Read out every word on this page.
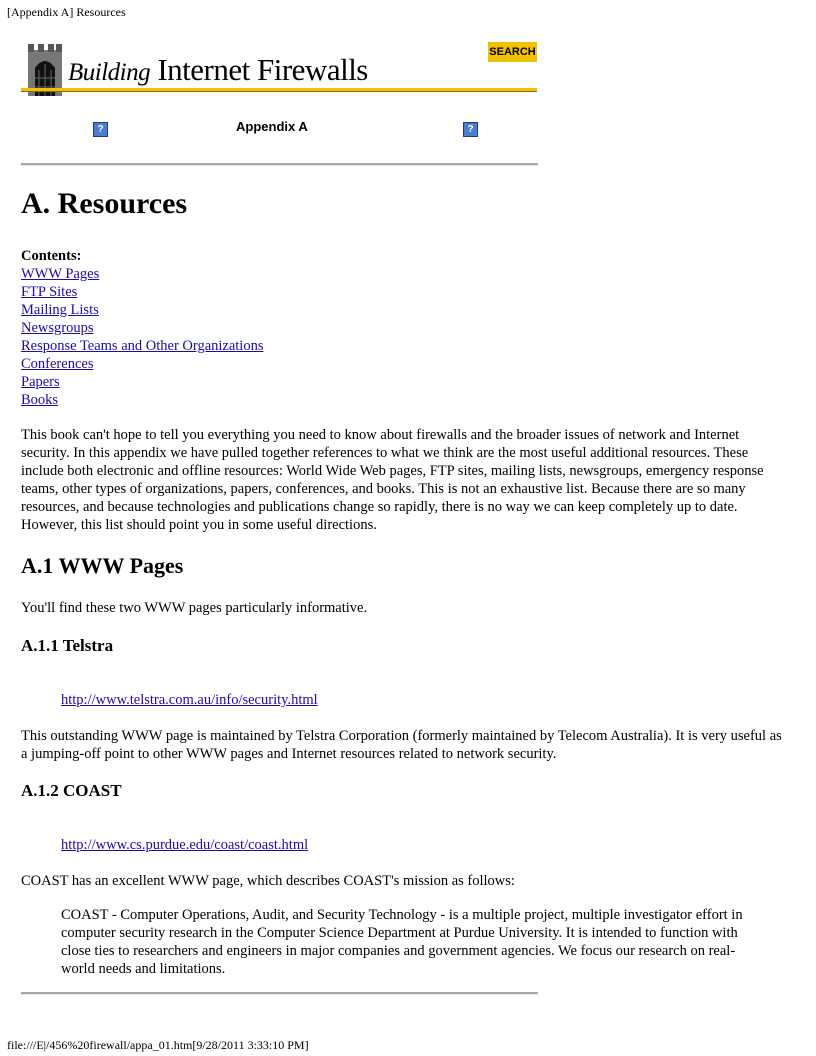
[Appendix A] Resources
Building Internet Firewalls	SEARCH
?	Appendix A	?
A. Resources
Contents:
WWW Pages
FTP Sites
Mailing Lists
Newsgroups
Response Teams and Other Organizations
Conferences
Papers
Books

This book can't hope to tell you everything you need to know about firewalls and the broader issues of network and Internet security. In this appendix we have pulled together references to what we think are the most useful additional resources. These include both electronic and offline resources: World Wide Web pages, FTP sites, mailing lists, newsgroups, emergency response teams, other types of organizations, papers, conferences, and books. This is not an exhaustive list. Because there are so many resources, and because technologies and publications change so rapidly, there is no way we can keep completely up to date. However, this list should point you in some useful directions.

A.1 WWW Pages

You'll find these two WWW pages particularly informative.

A.1.1 Telstra
http://www.telstra.com.au/info/security.html

This outstanding WWW page is maintained by Telstra Corporation (formerly maintained by Telecom Australia). It is very useful as a jumping-off point to other WWW pages and Internet resources related to network security.

A.1.2 COAST
http://www.cs.purdue.edu/coast/coast.html

COAST has an excellent WWW page, which describes COAST's mission as follows:

COAST - Computer Operations, Audit, and Security Technology - is a multiple project, multiple investigator effort in computer security research in the Computer Science Department at Purdue University. It is intended to function with close ties to researchers and engineers in major companies and government agencies. We focus our research on real-world needs and limitations.

file:///E|/456%20firewall/appa_01.htm[9/28/2011 3:33:10 PM]
